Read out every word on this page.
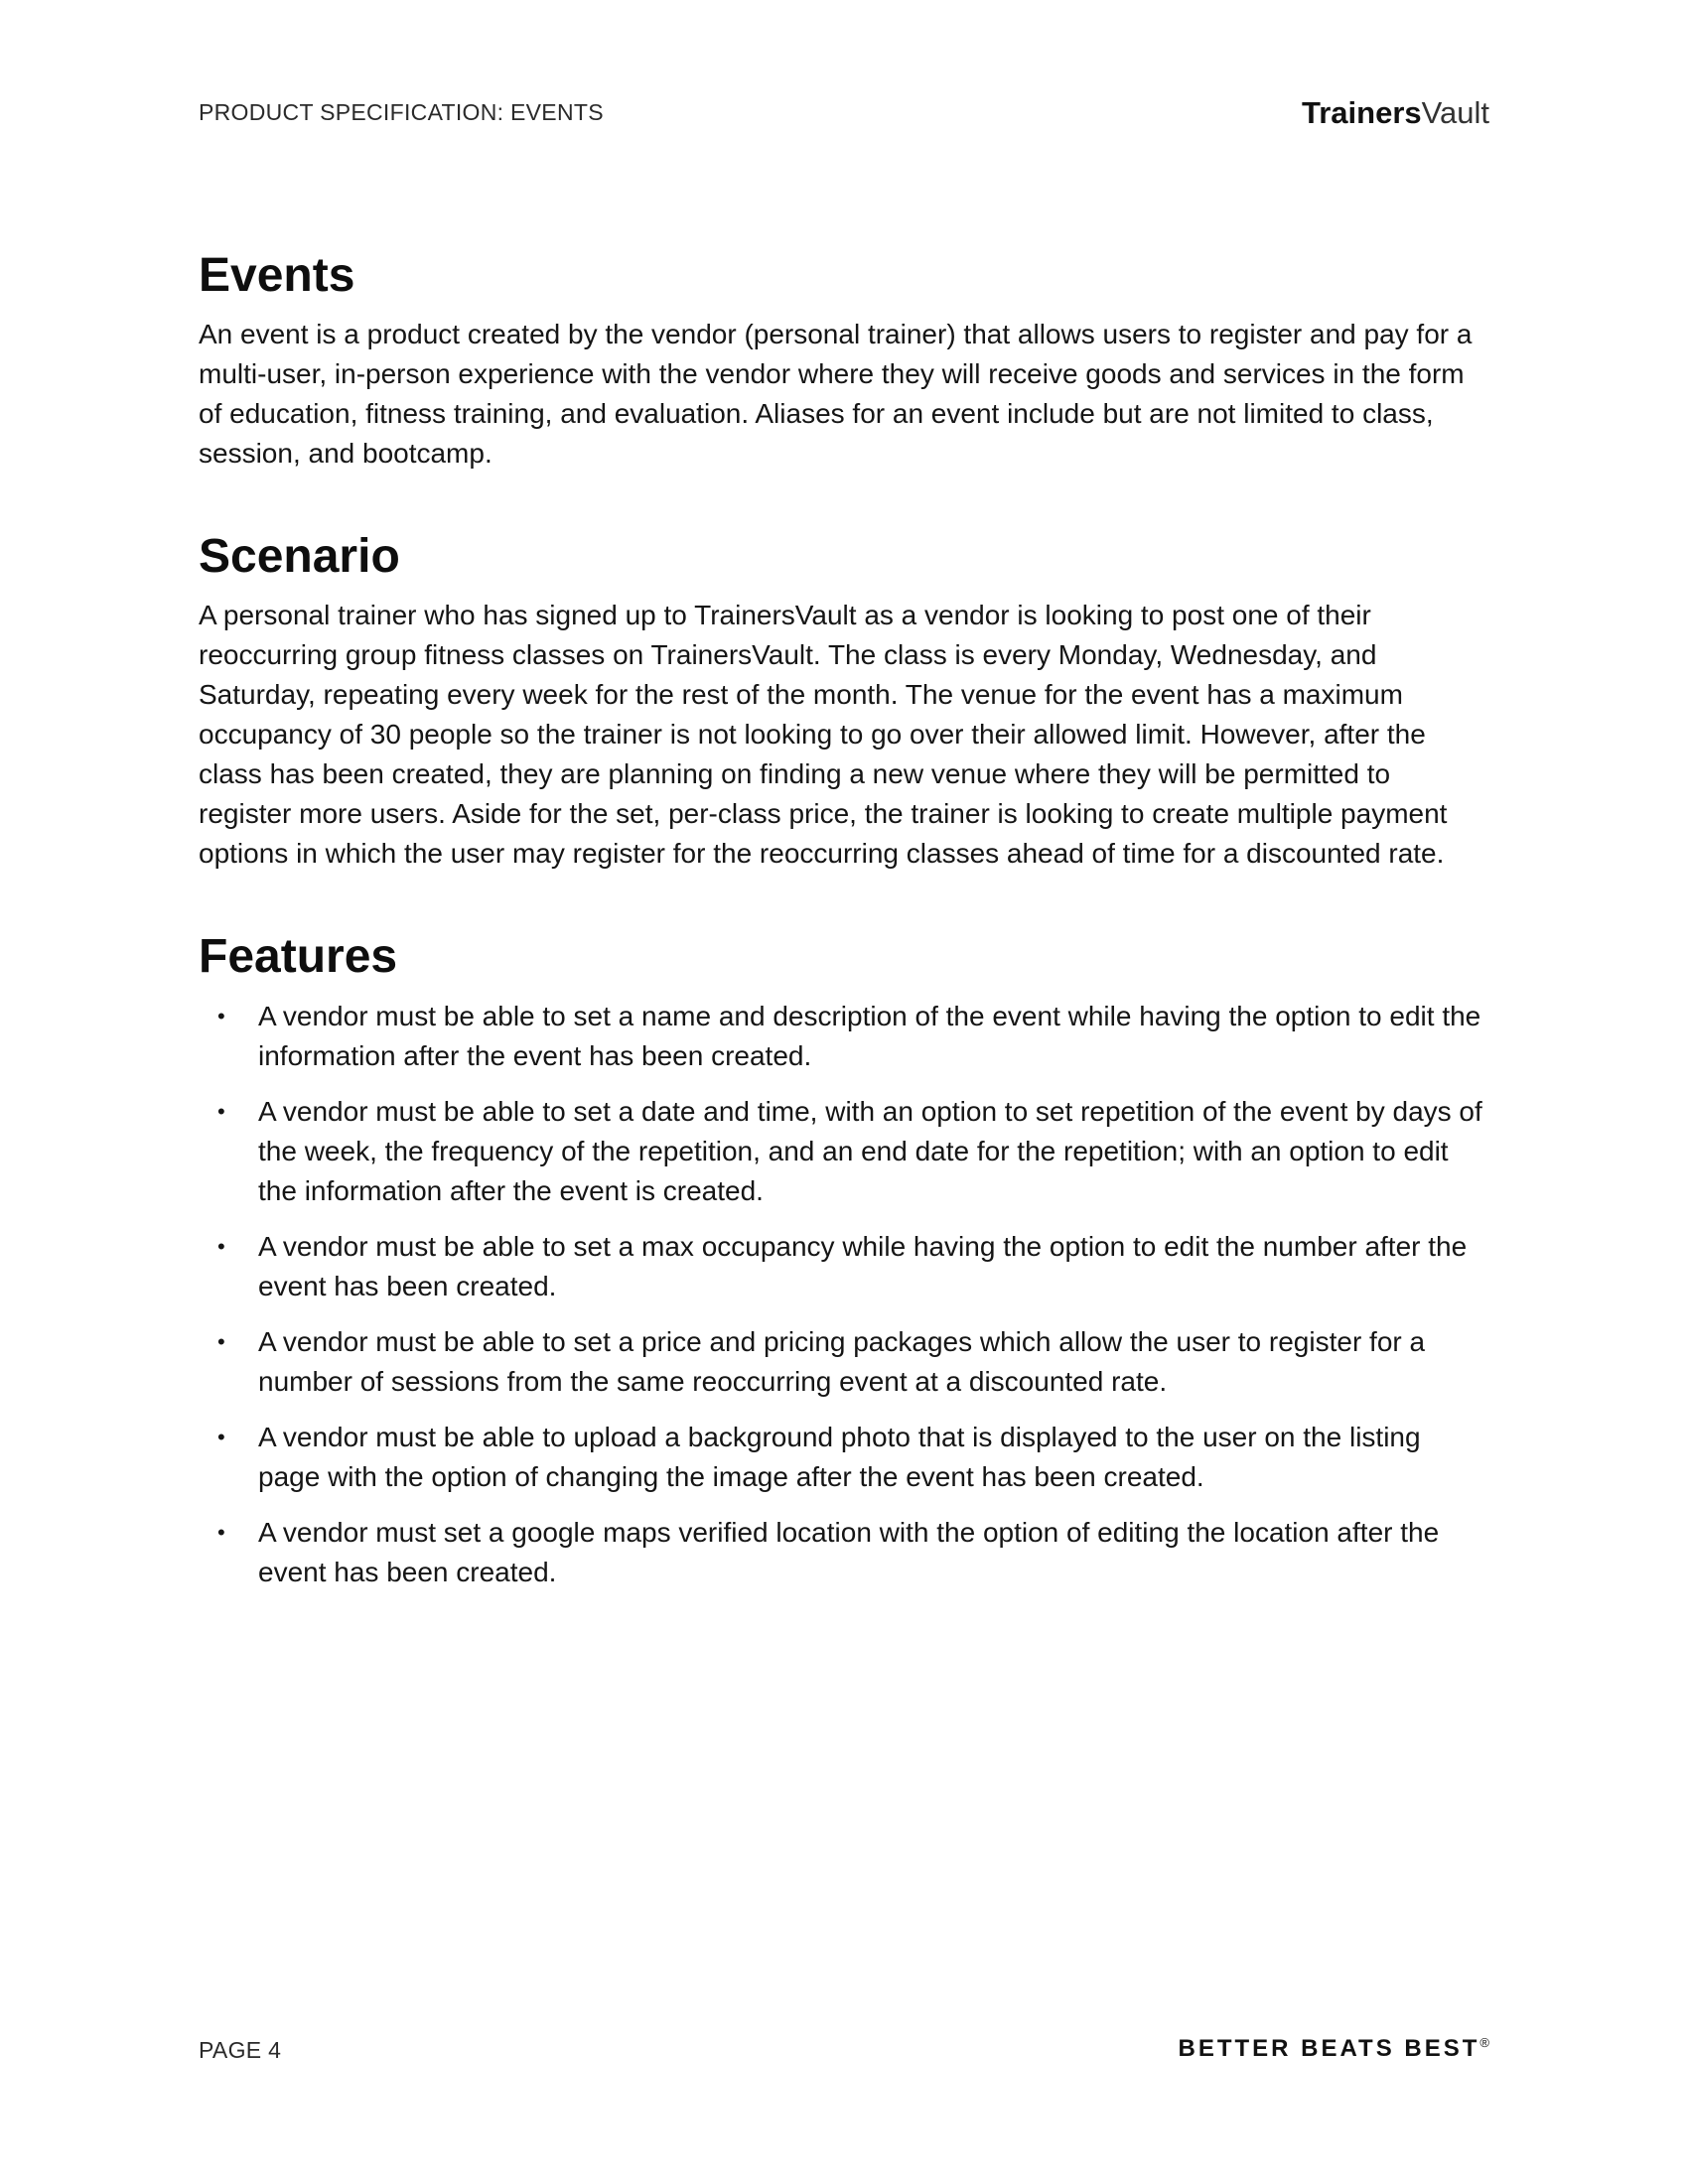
PRODUCT SPECIFICATION: EVENTS	TrainersVault
Events

An event is a product created by the vendor (personal trainer) that allows users to register and pay for a multi-user, in-person experience with the vendor where they will receive goods and services in the form of education, fitness training, and evaluation. Aliases for an event include but are not limited to class, session, and bootcamp.

Scenario

A personal trainer who has signed up to TrainersVault as a vendor is looking to post one of their reoccurring group fitness classes on TrainersVault. The class is every Monday, Wednesday, and Saturday, repeating every week for the rest of the month. The venue for the event has a maximum occupancy of 30 people so the trainer is not looking to go over their allowed limit. However, after the class has been created, they are planning on finding a new venue where they will be permitted to register more users. Aside for the set, per-class price, the trainer is looking to create multiple payment options in which the user may register for the reoccurring classes ahead of time for a discounted rate.

Features
• A vendor must be able to set a name and description of the event while having the option to edit the information after the event has been created.
• A vendor must be able to set a date and time, with an option to set repetition of the event by days of the week, the frequency of the repetition, and an end date for the repetition; with an option to edit the information after the event is created.
• A vendor must be able to set a max occupancy while having the option to edit the number after the event has been created.
• A vendor must be able to set a price and pricing packages which allow the user to register for a number of sessions from the same reoccurring event at a discounted rate.
• A vendor must be able to upload a background photo that is displayed to the user on the listing page with the option of changing the image after the event has been created.
• A vendor must set a google maps verified location with the option of editing the location after the event has been created.
PAGE 4	BETTER BEATS BEST®
